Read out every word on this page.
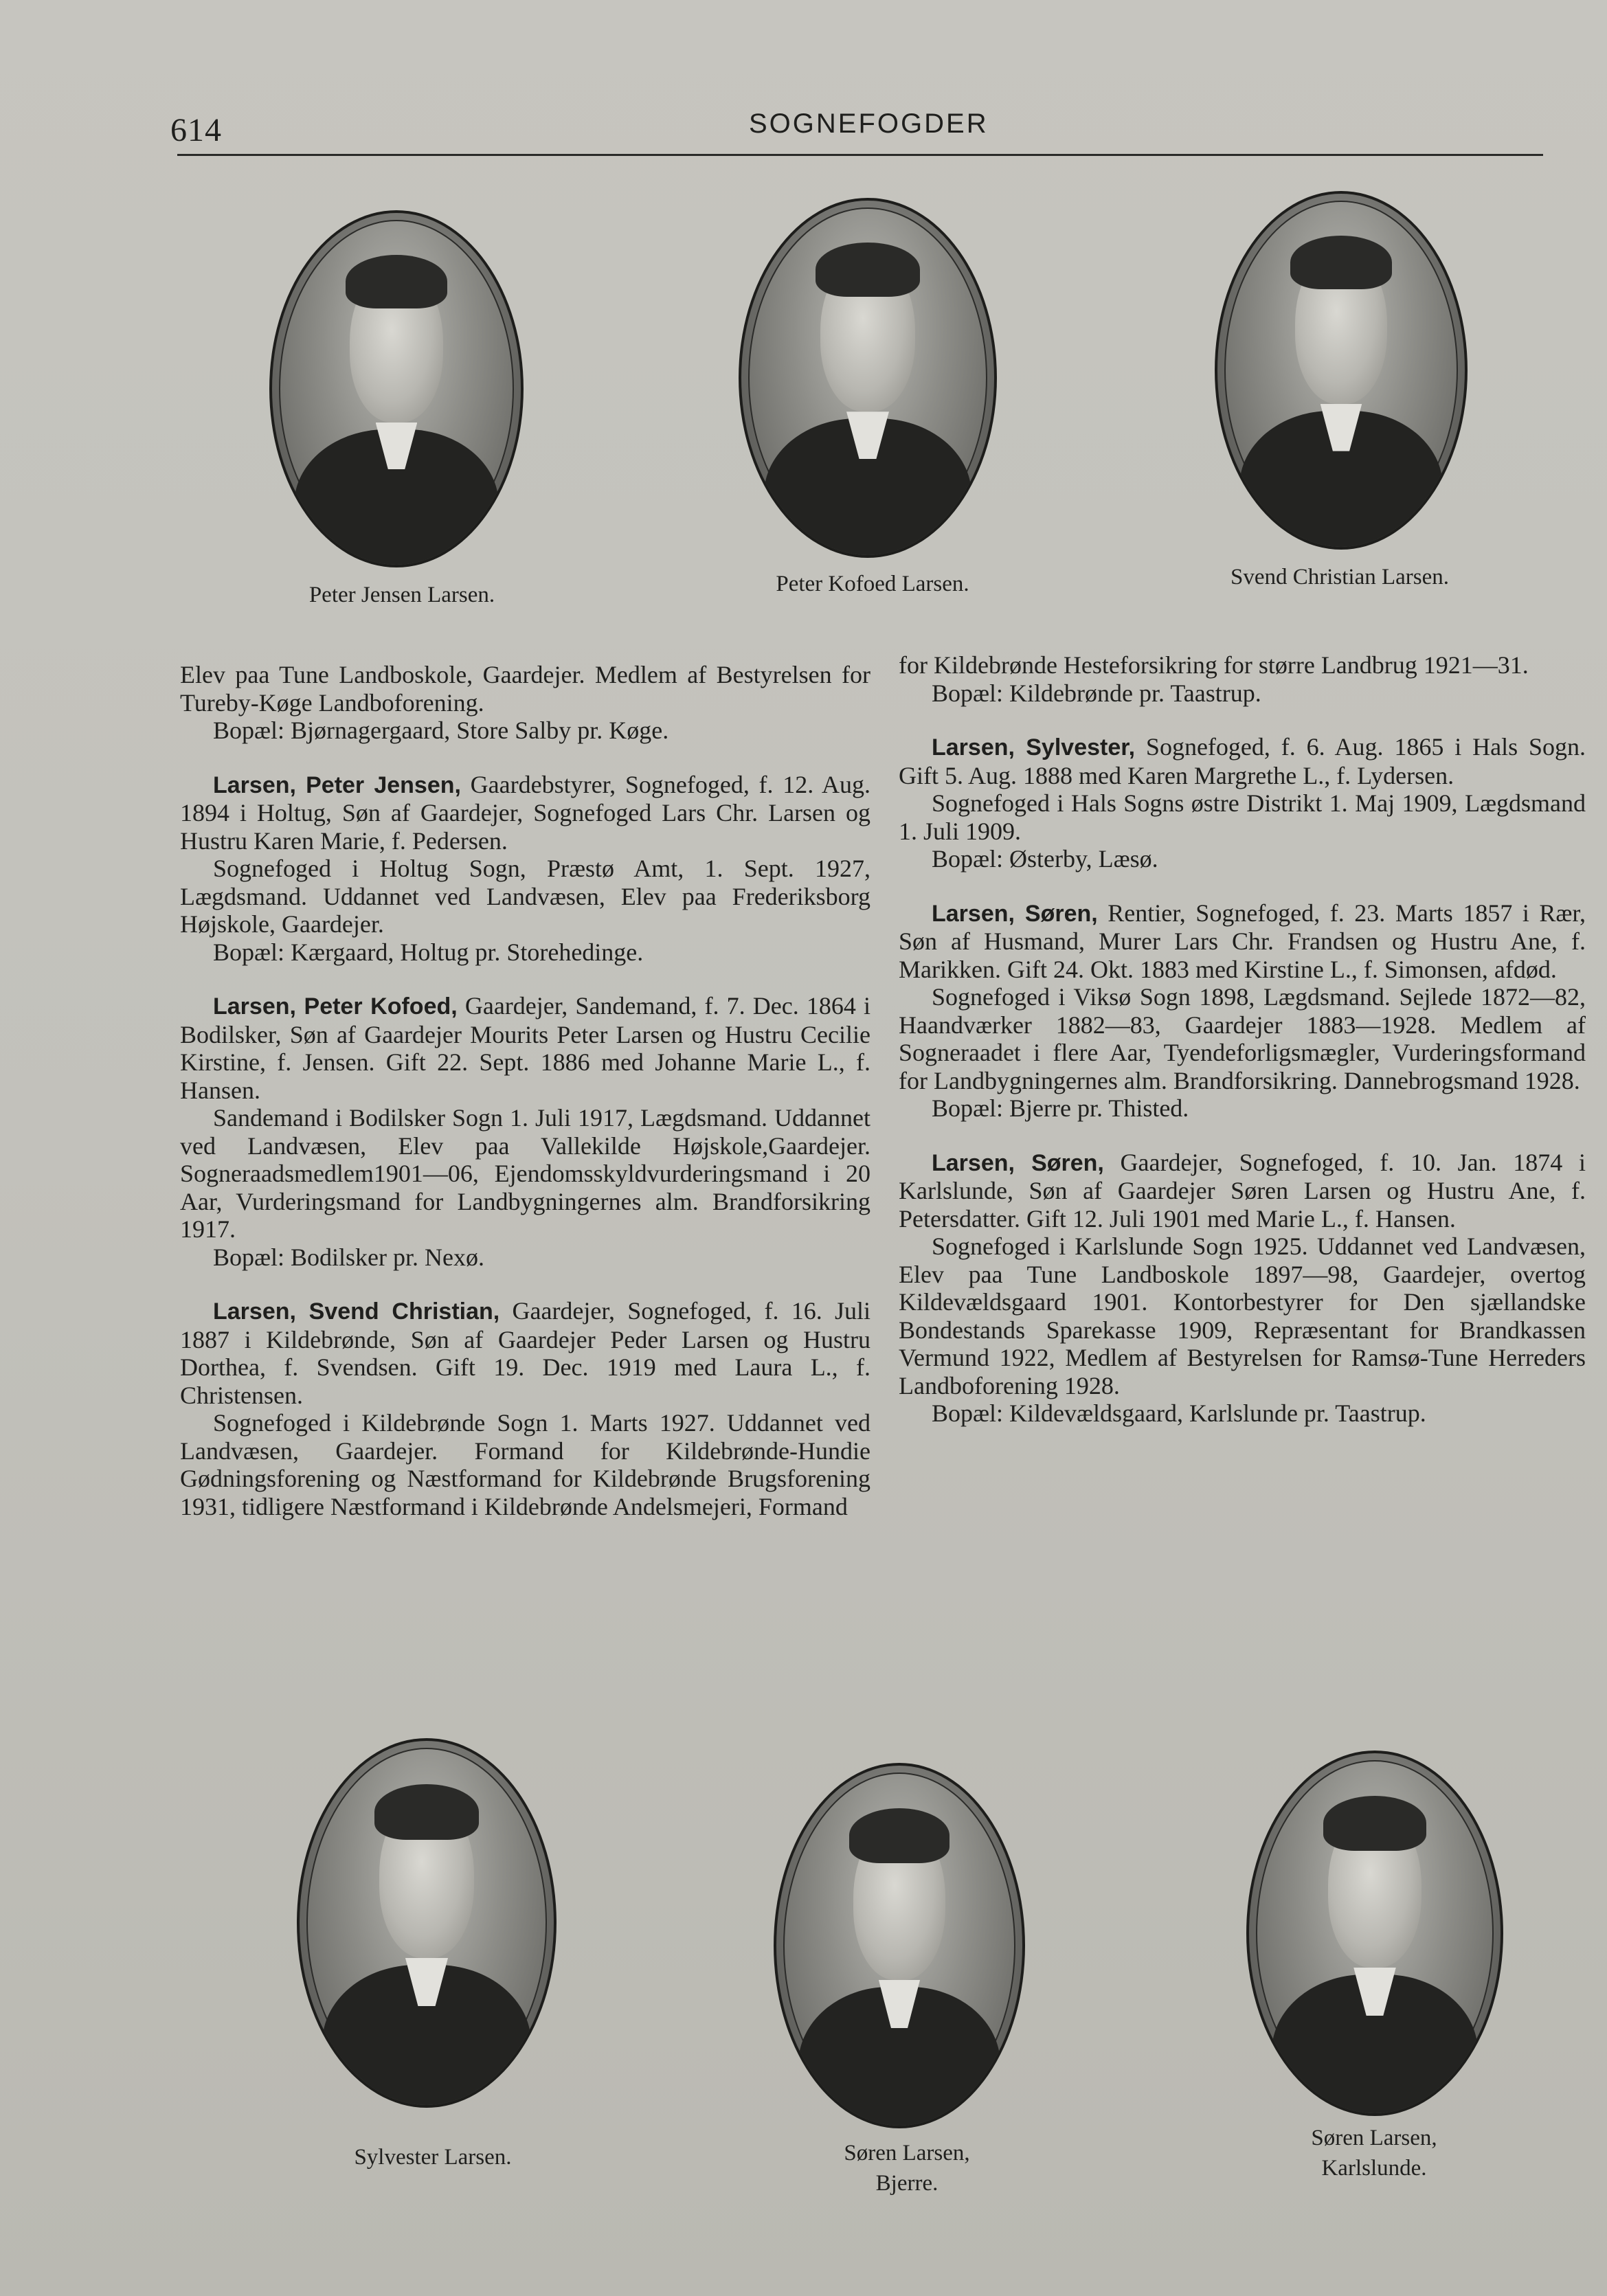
614	SOGNEFOGDER
Peter Jensen Larsen.	Peter Kofoed Larsen.	Svend Christian Larsen.

Elev paa Tune Landboskole, Gaardejer. Medlem af Bestyrelsen for Tureby-Køge Landboforening.

Bopæl: Bjørnagergaard, Store Salby pr. Køge.

Larsen, Peter Jensen, Gaardebstyrer, Sognefoged, f. 12. Aug. 1894 i Holtug, Søn af Gaardejer, Sognefoged Lars Chr. Larsen og Hustru Karen Marie, f. Pedersen.

Sognefoged i Holtug Sogn, Præstø Amt, 1. Sept. 1927, Lægdsmand. Uddannet ved Landvæsen, Elev paa Frederiksborg Højskole, Gaardejer.

Bopæl: Kærgaard, Holtug pr. Storehedinge.

Larsen, Peter Kofoed, Gaardejer, Sandemand, f. 7. Dec. 1864 i Bodilsker, Søn af Gaardejer Mourits Peter Larsen og Hustru Cecilie Kirstine, f. Jensen. Gift 22. Sept. 1886 med Johanne Marie L., f. Hansen.

Sandemand i Bodilsker Sogn 1. Juli 1917, Lægdsmand. Uddannet ved Landvæsen, Elev paa Vallekilde Højskole,Gaardejer. Sogneraadsmedlem1901—06, Ejendomsskyldvurderingsmand i 20 Aar, Vurderingsmand for Landbygningernes alm. Brandforsikring 1917.

Bopæl: Bodilsker pr. Nexø.

Larsen, Svend Christian, Gaardejer, Sognefoged, f. 16. Juli 1887 i Kildebrønde, Søn af Gaardejer Peder Larsen og Hustru Dorthea, f. Svendsen. Gift 19. Dec. 1919 med Laura L., f. Christensen.

Sognefoged i Kildebrønde Sogn 1. Marts 1927. Uddannet ved Landvæsen, Gaardejer. Formand for Kildebrønde-Hundie Gødningsforening og Næstformand for Kildebrønde Brugsforening 1931, tidligere Næstformand i Kildebrønde Andelsmejeri, Formand

for Kildebrønde Hesteforsikring for større Landbrug 1921—31.

Bopæl: Kildebrønde pr. Taastrup.

Larsen, Sylvester, Sognefoged, f. 6. Aug. 1865 i Hals Sogn. Gift 5. Aug. 1888 med Karen Margrethe L., f. Lydersen.

Sognefoged i Hals Sogns østre Distrikt 1. Maj 1909, Lægdsmand 1. Juli 1909.

Bopæl: Østerby, Læsø.

Larsen, Søren, Rentier, Sognefoged, f. 23. Marts 1857 i Rær, Søn af Husmand, Murer Lars Chr. Frandsen og Hustru Ane, f. Marikken. Gift 24. Okt. 1883 med Kirstine L., f. Simonsen, afdød.

Sognefoged i Viksø Sogn 1898, Lægdsmand. Sejlede 1872—82, Haandværker 1882—83, Gaardejer 1883—1928. Medlem af Sogneraadet i flere Aar, Tyendeforligsmægler, Vurderingsformand for Landbygningernes alm. Brandforsikring. Dannebrogsmand 1928.

Bopæl: Bjerre pr. Thisted.

Larsen, Søren, Gaardejer, Sognefoged, f. 10. Jan. 1874 i Karlslunde, Søn af Gaardejer Søren Larsen og Hustru Ane, f. Petersdatter. Gift 12. Juli 1901 med Marie L., f. Hansen.

Sognefoged i Karlslunde Sogn 1925. Uddannet ved Landvæsen, Elev paa Tune Landboskole 1897—98, Gaardejer, overtog Kildevældsgaard 1901. Kontorbestyrer for Den sjællandske Bondestands Sparekasse 1909, Repræsentant for Brandkassen Vermund 1922, Medlem af Bestyrelsen for Ramsø-Tune Herreders Landboforening 1928.

Bopæl: Kildevældsgaard, Karlslunde pr. Taastrup.

Sylvester Larsen.	Søren Larsen,
Bjerre.
Søren Larsen,
Karlslunde.
